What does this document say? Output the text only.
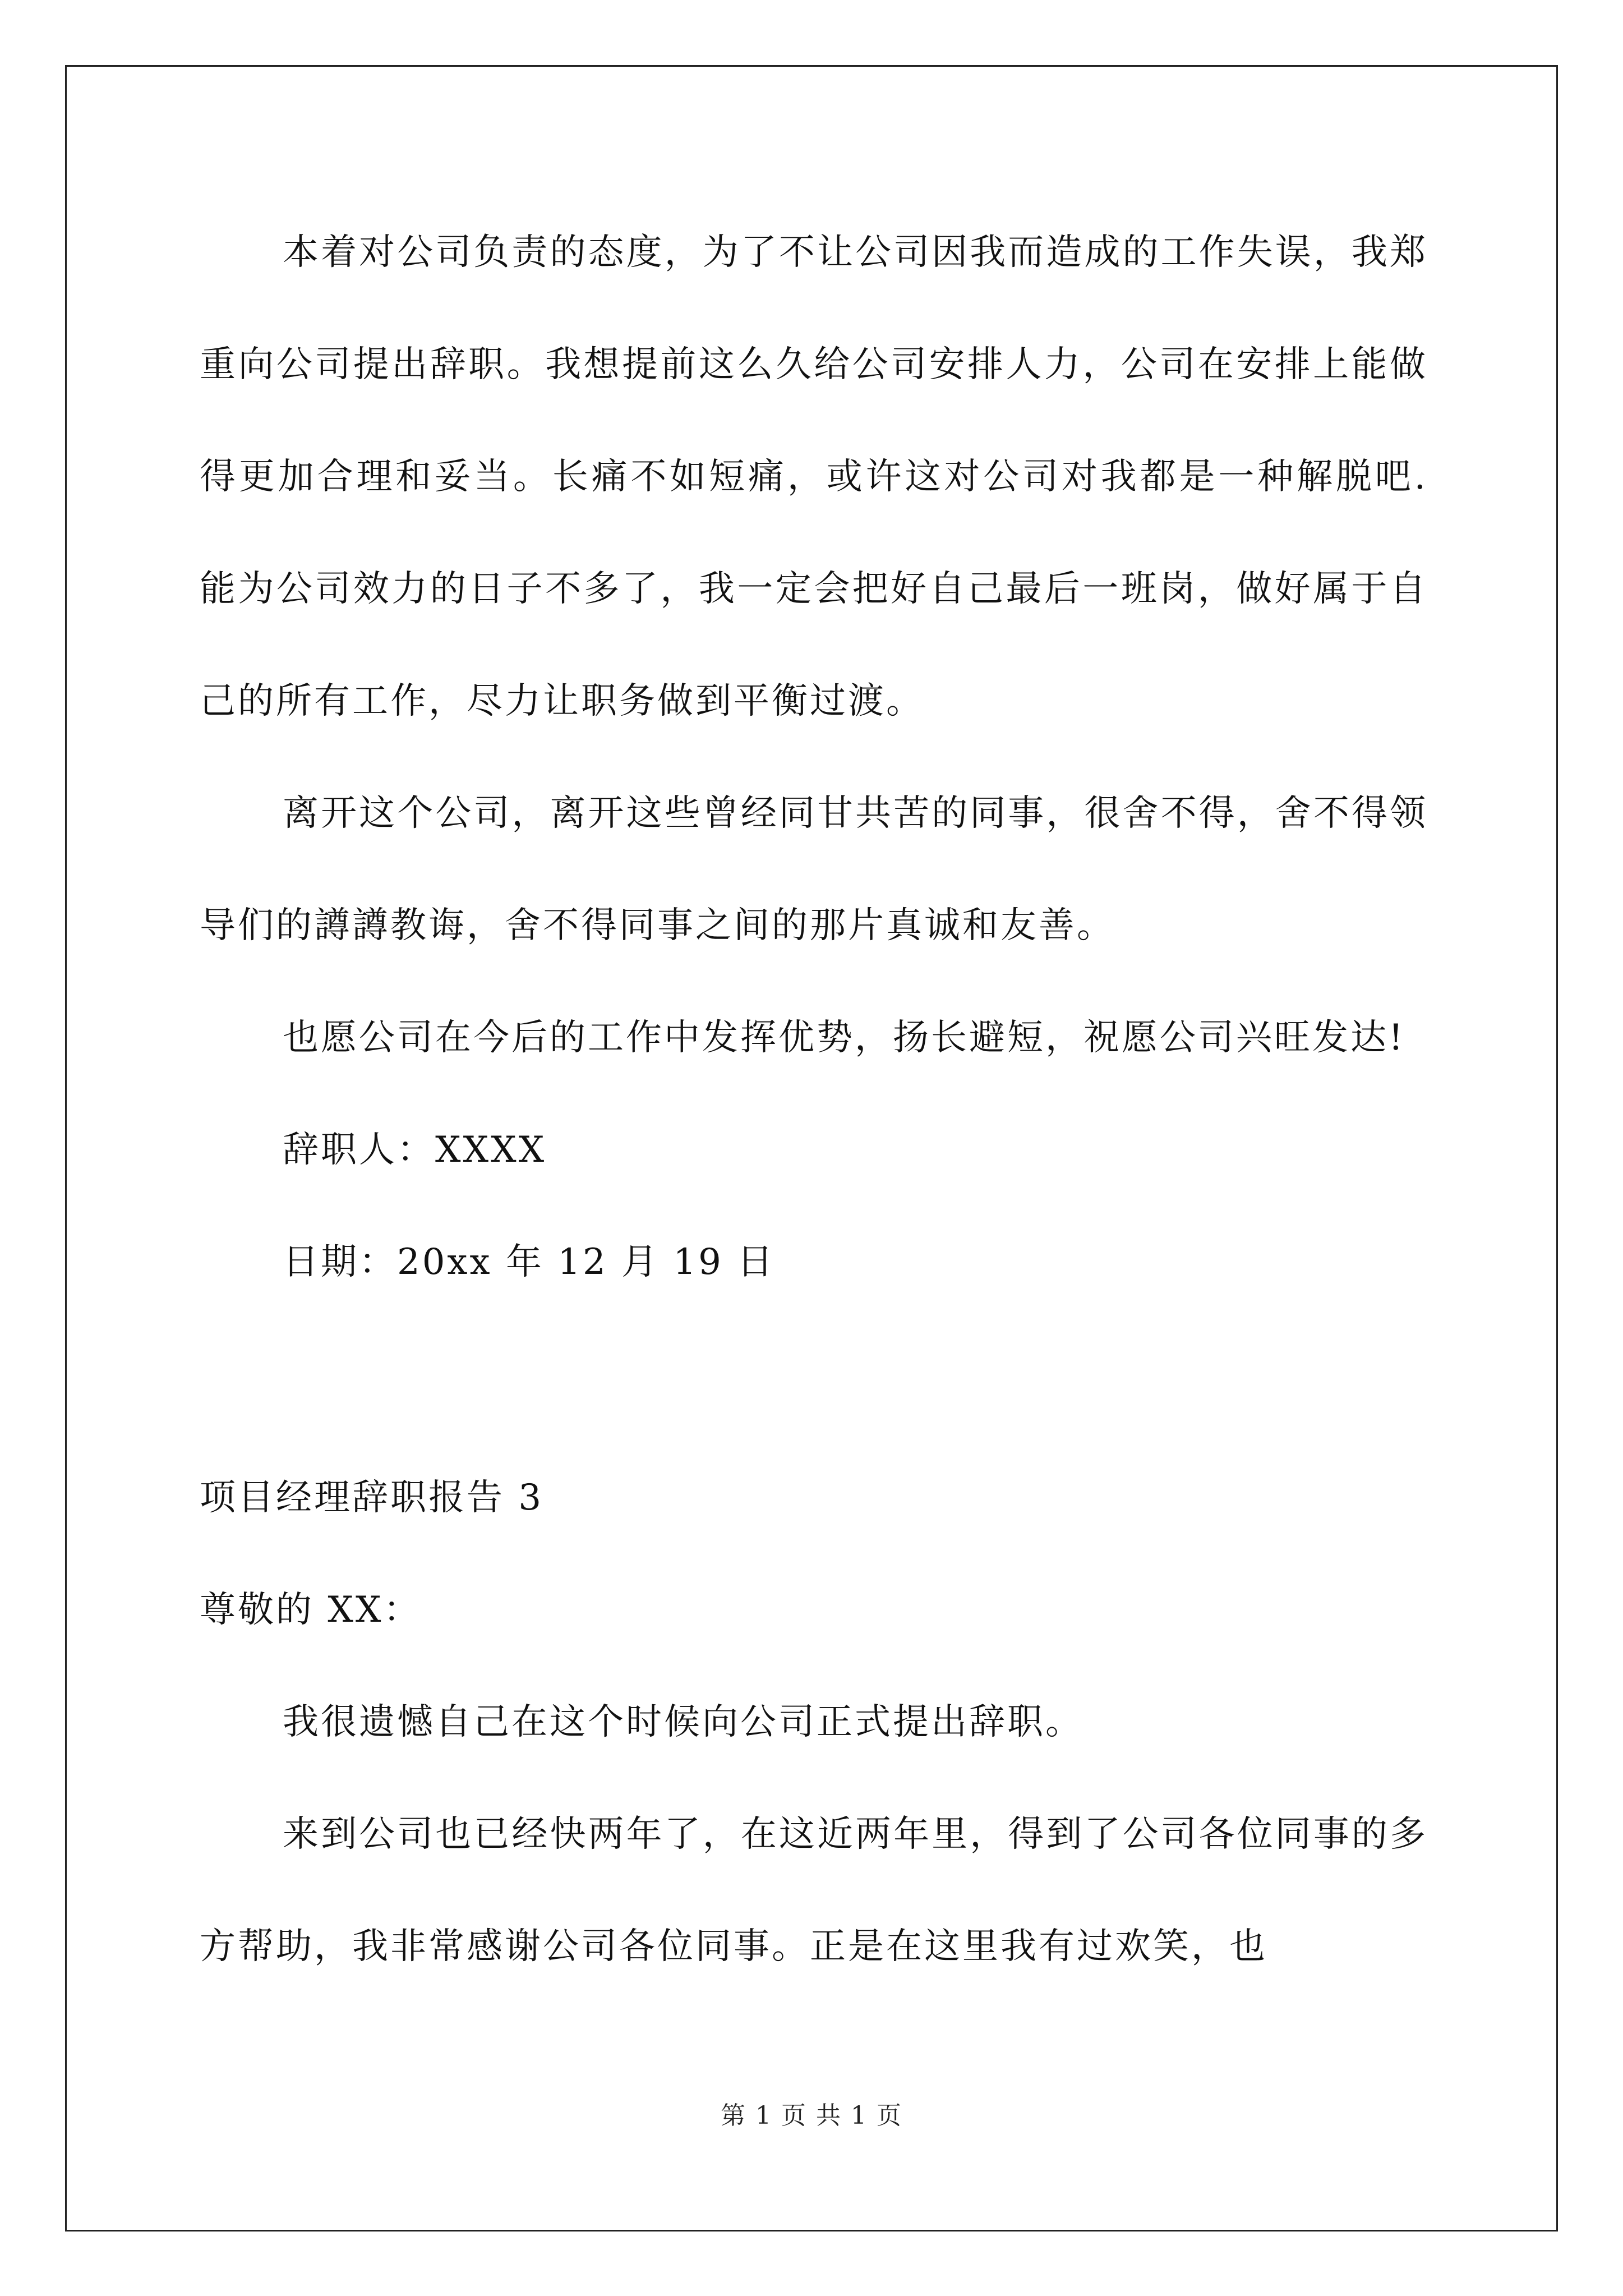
本着对公司负责的态度，为了不让公司因我而造成的工作失误，我郑重向公司提出辞职。我想提前这么久给公司安排人力，公司在安排上能做得更加合理和妥当。长痛不如短痛，或许这对公司对我都是一种解脱吧.能为公司效力的日子不多了，我一定会把好自己最后一班岗，做好属于自己的所有工作，尽力让职务做到平衡过渡。

离开这个公司，离开这些曾经同甘共苦的同事，很舍不得，舍不得领导们的譐譐教诲，舍不得同事之间的那片真诚和友善。

也愿公司在今后的工作中发挥优势，扬长避短，祝愿公司兴旺发达!

辞职人：XXXX

日期：20xx 年 12 月 19 日

项目经理辞职报告 3

尊敬的 XX：

我很遗憾自己在这个时候向公司正式提出辞职。

来到公司也已经快两年了，在这近两年里，得到了公司各位同事的多方帮助，我非常感谢公司各位同事。正是在这里我有过欢笑，也

第 1 页 共 1 页
